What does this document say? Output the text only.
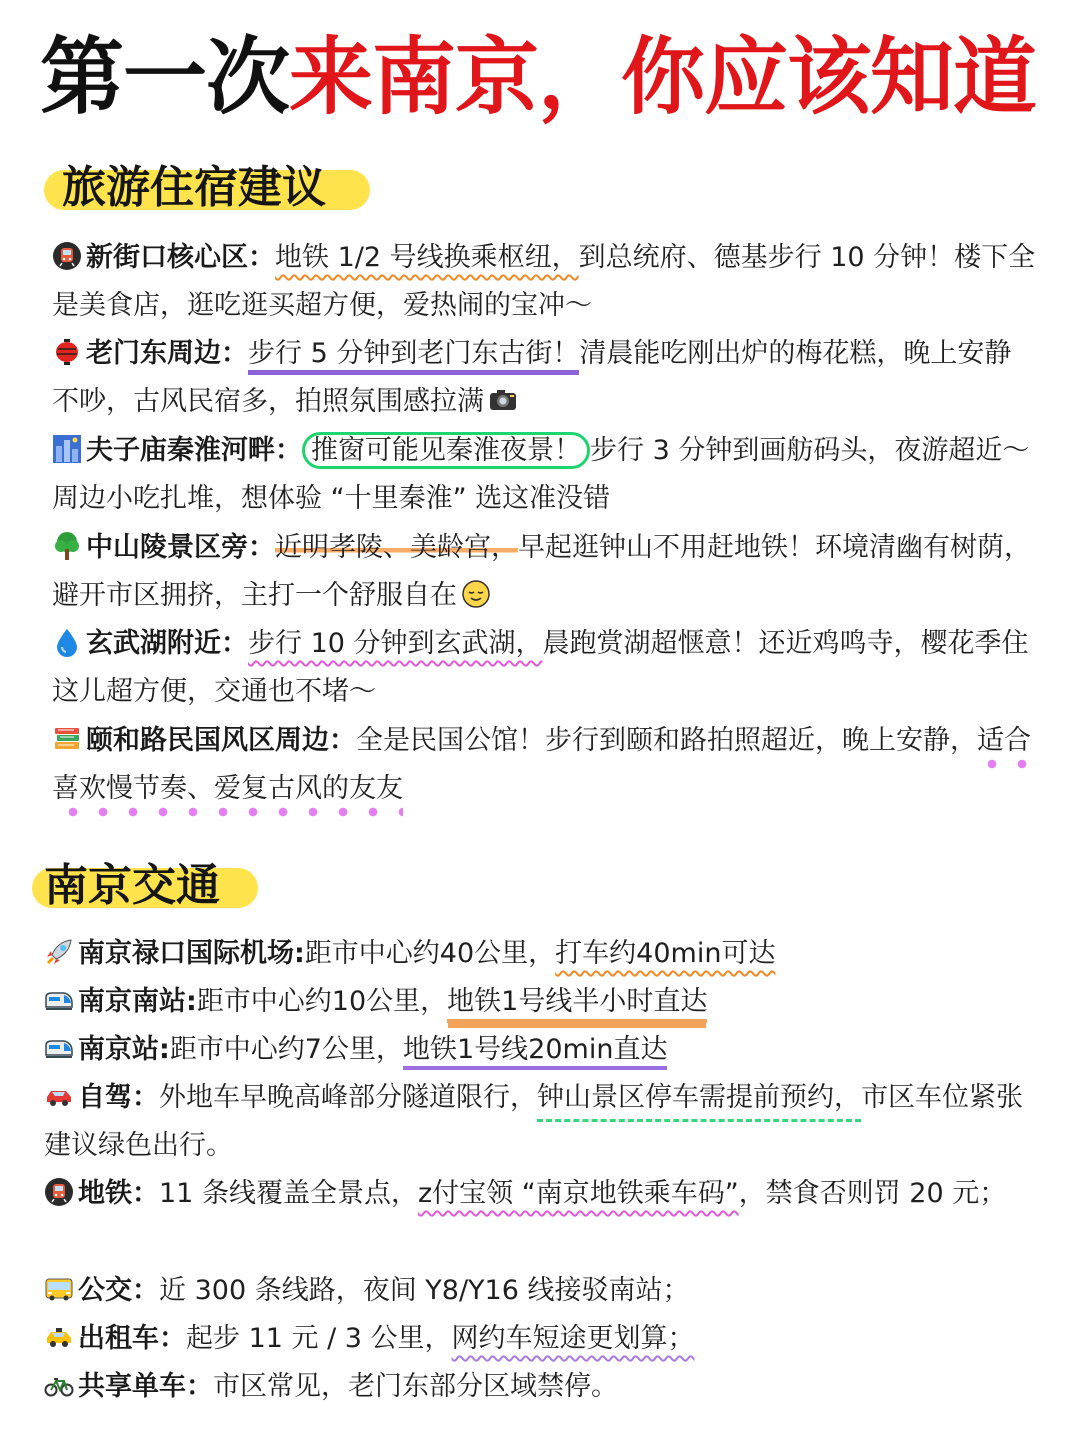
第一次来南京，你应该知道
旅游住宿建议
新街口核心区：地铁 1/2 号线换乘枢纽，到总统府、德基步行 10 分钟！楼下全是美食店，逛吃逛买超方便，爱热闹的宝冲～
老门东周边：步行 5 分钟到老门东古街！清晨能吃刚出炉的梅花糕，晚上安静不吵，古风民宿多，拍照氛围感拉满
夫子庙秦淮河畔： 推窗可能见秦淮夜景！ 步行 3 分钟到画舫码头，夜游超近～周边小吃扎堆，想体验 “十里秦淮” 选这准没错
中山陵景区旁：近明孝陵、美龄宫，早起逛钟山不用赶地铁！环境清幽有树荫，避开市区拥挤，主打一个舒服自在
玄武湖附近：步行 10 分钟到玄武湖，晨跑赏湖超惬意！还近鸡鸣寺，樱花季住这儿超方便，交通也不堵～
颐和路民国风区周边：全是民国公馆！步行到颐和路拍照超近，晚上安静，适合喜欢慢节奏、爱复古风的友友
南京交通
南京禄口国际机场:距市中心约40公里，打车约40min可达
南京南站:距市中心约10公里，地铁1号线半小时直达
南京站:距市中心约7公里，地铁1号线20min直达
自驾：外地车早晚高峰部分隧道限行，钟山景区停车需提前预约，市区车位紧张建议绿色出行。
地铁：11 条线覆盖全景点，z付宝领 “南京地铁乘车码”，禁食否则罚 20 元；
公交：近 300 条线路，夜间 Y8/Y16 线接驳南站；
出租车：起步 11 元 / 3 公里，网约车短途更划算；
共享单车：市区常见，老门东部分区域禁停。
